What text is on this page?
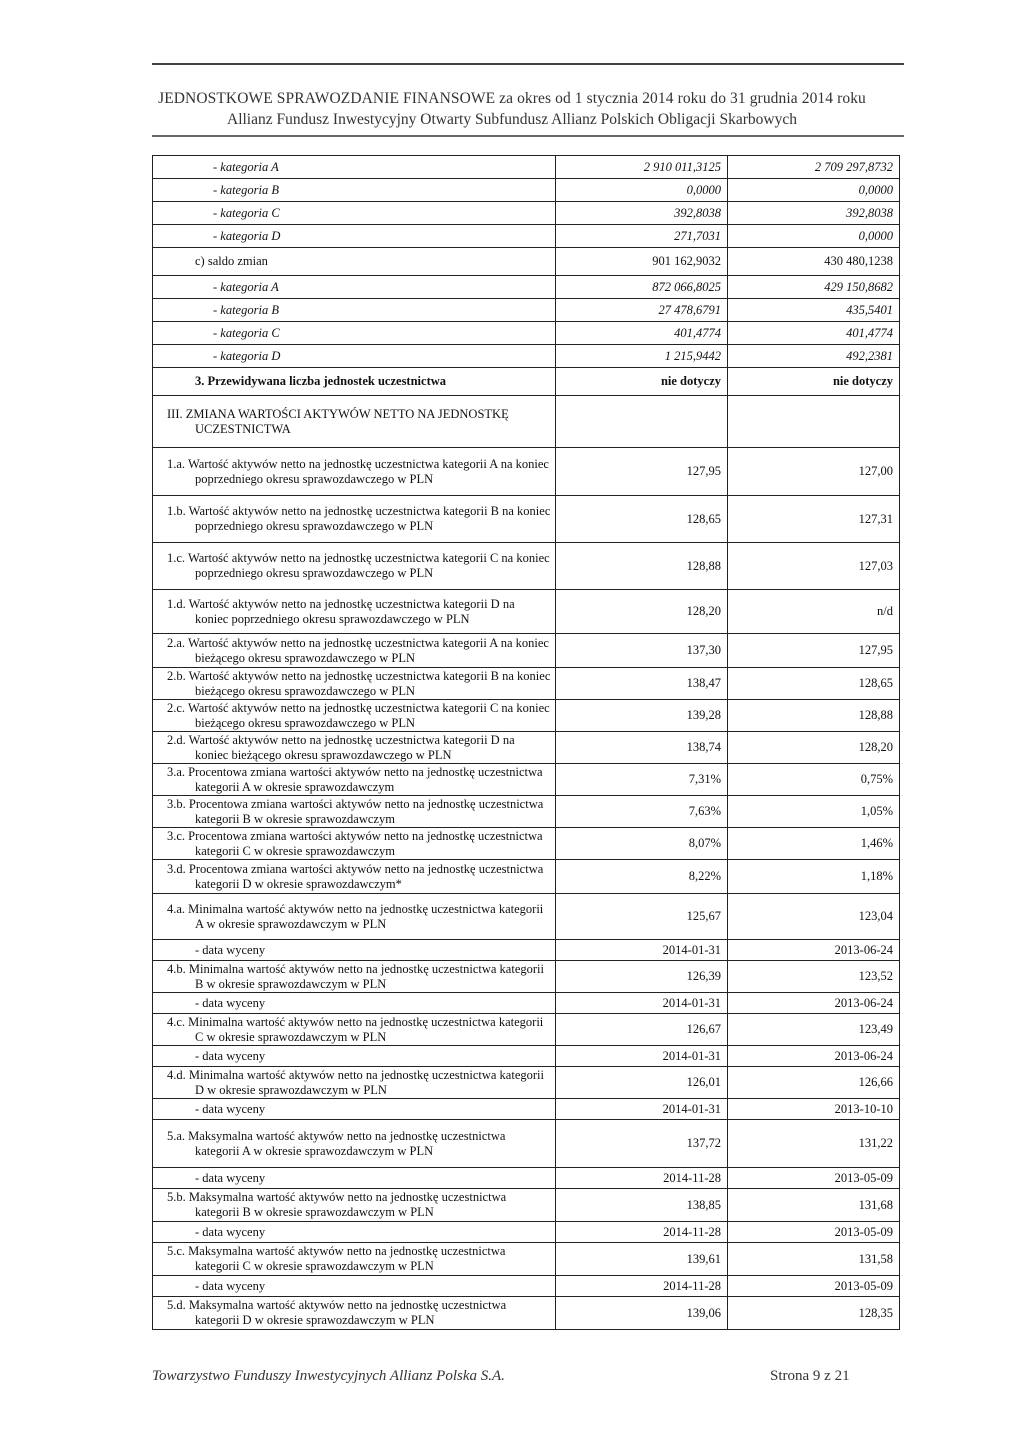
JEDNOSTKOWE SPRAWOZDANIE FINANSOWE za okres od 1 stycznia 2014 roku do 31 grudnia 2014 roku
Allianz Fundusz Inwestycyjny Otwarty Subfundusz Allianz Polskich Obligacji Skarbowych
- kategoria A	2 910 011,3125	2 709 297,8732
- kategoria B	0,0000	0,0000
- kategoria C	392,8038	392,8038
- kategoria D	271,7031	0,0000
c) saldo zmian	901 162,9032	430 480,1238
- kategoria A	872 066,8025	429 150,8682
- kategoria B	27 478,6791	435,5401
- kategoria C	401,4774	401,4774
- kategoria D	1 215,9442	492,2381
3. Przewidywana liczba jednostek uczestnictwa	nie dotyczy	nie dotyczy
III. ZMIANA WARTOŚCI AKTYWÓW NETTO NA JEDNOSTKĘ UCZESTNICTWA		
1.a. Wartość aktywów netto na jednostkę uczestnictwa kategorii A na koniec poprzedniego okresu sprawozdawczego w PLN	127,95	127,00
1.b. Wartość aktywów netto na jednostkę uczestnictwa kategorii B na koniec poprzedniego okresu sprawozdawczego w PLN	128,65	127,31
1.c. Wartość aktywów netto na jednostkę uczestnictwa kategorii C na koniec poprzedniego okresu sprawozdawczego w PLN	128,88	127,03
1.d. Wartość aktywów netto na jednostkę uczestnictwa kategorii D na koniec poprzedniego okresu sprawozdawczego w PLN	128,20	n/d
2.a. Wartość aktywów netto na jednostkę uczestnictwa kategorii A na koniec bieżącego okresu sprawozdawczego w PLN	137,30	127,95
2.b. Wartość aktywów netto na jednostkę uczestnictwa kategorii B na koniec bieżącego okresu sprawozdawczego w PLN	138,47	128,65
2.c. Wartość aktywów netto na jednostkę uczestnictwa kategorii C na koniec bieżącego okresu sprawozdawczego w PLN	139,28	128,88
2.d. Wartość aktywów netto na jednostkę uczestnictwa kategorii D na koniec bieżącego okresu sprawozdawczego w PLN	138,74	128,20
3.a. Procentowa zmiana wartości aktywów netto na jednostkę uczestnictwa kategorii A w okresie sprawozdawczym	7,31%	0,75%
3.b. Procentowa zmiana wartości aktywów netto na jednostkę uczestnictwa kategorii B w okresie sprawozdawczym	7,63%	1,05%
3.c. Procentowa zmiana wartości aktywów netto na jednostkę uczestnictwa kategorii C w okresie sprawozdawczym	8,07%	1,46%
3.d. Procentowa zmiana wartości aktywów netto na jednostkę uczestnictwa kategorii D w okresie sprawozdawczym*	8,22%	1,18%
4.a. Minimalna wartość aktywów netto na jednostkę uczestnictwa kategorii A w okresie sprawozdawczym w PLN	125,67	123,04
- data wyceny	2014-01-31	2013-06-24
4.b. Minimalna wartość aktywów netto na jednostkę uczestnictwa kategorii B w okresie sprawozdawczym w PLN	126,39	123,52
- data wyceny	2014-01-31	2013-06-24
4.c. Minimalna wartość aktywów netto na jednostkę uczestnictwa kategorii C w okresie sprawozdawczym w PLN	126,67	123,49
- data wyceny	2014-01-31	2013-06-24
4.d. Minimalna wartość aktywów netto na jednostkę uczestnictwa kategorii D w okresie sprawozdawczym w PLN	126,01	126,66
- data wyceny	2014-01-31	2013-10-10
5.a. Maksymalna wartość aktywów netto na jednostkę uczestnictwa kategorii A w okresie sprawozdawczym w PLN	137,72	131,22
- data wyceny	2014-11-28	2013-05-09
5.b. Maksymalna wartość aktywów netto na jednostkę uczestnictwa kategorii B w okresie sprawozdawczym w PLN	138,85	131,68
- data wyceny	2014-11-28	2013-05-09
5.c. Maksymalna wartość aktywów netto na jednostkę uczestnictwa kategorii C w okresie sprawozdawczym w PLN	139,61	131,58
- data wyceny	2014-11-28	2013-05-09
5.d. Maksymalna wartość aktywów netto na jednostkę uczestnictwa kategorii D w okresie sprawozdawczym w PLN	139,06	128,35
Towarzystwo Funduszy Inwestycyjnych Allianz Polska S.A.	Strona 9 z 21
